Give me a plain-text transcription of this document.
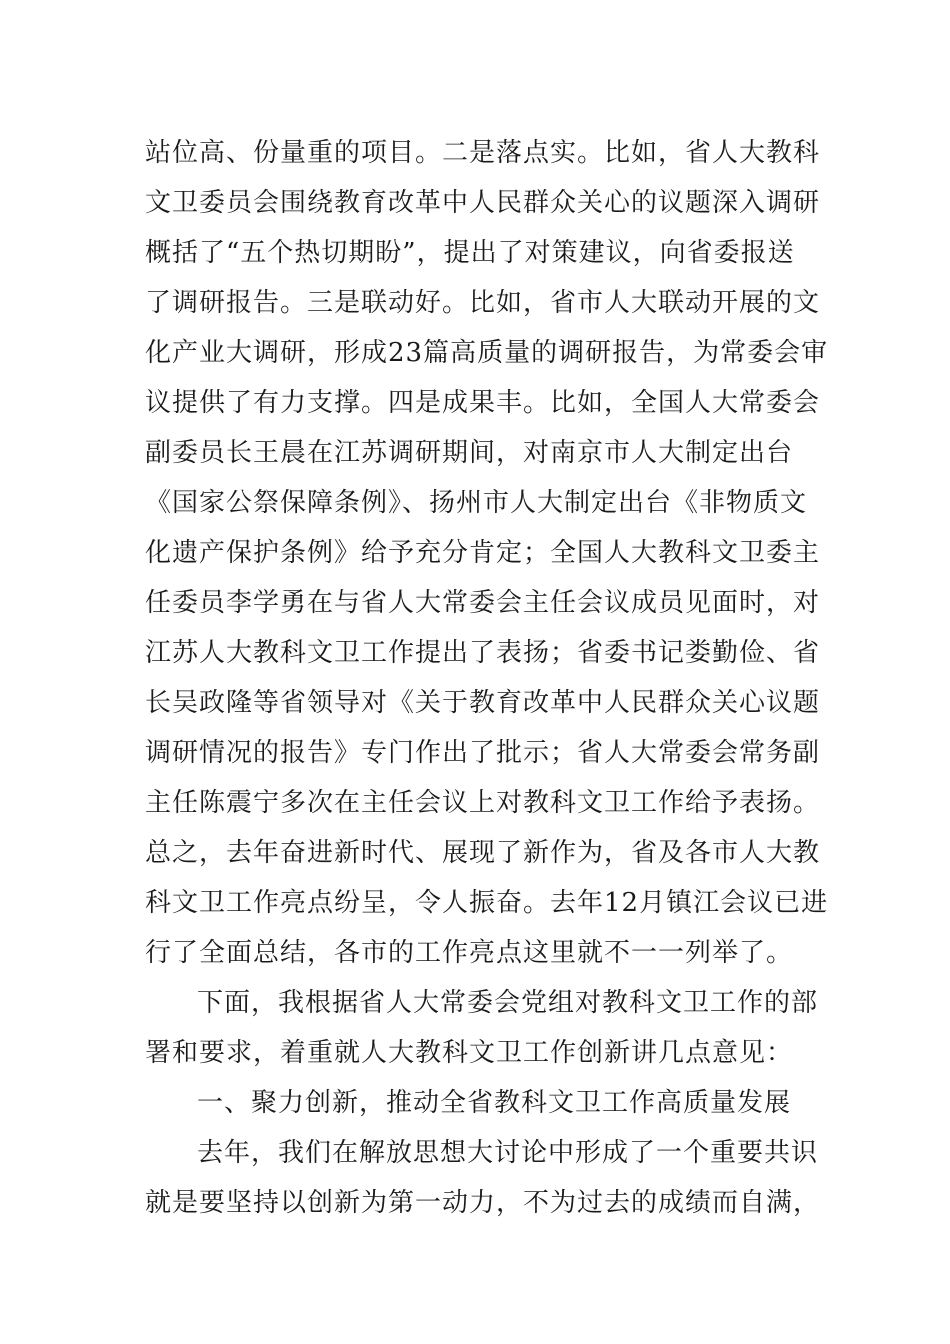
站位高、份量重的项目。二是落点实。比如，省人大教科
文卫委员会围绕教育改革中人民群众关心的议题深入调研
概括了“五个热切期盼”，提出了对策建议，向省委报送
了调研报告。三是联动好。比如，省市人大联动开展的文
化产业大调研，形成23篇高质量的调研报告，为常委会审
议提供了有力支撑。四是成果丰。比如，全国人大常委会
副委员长王晨在江苏调研期间，对南京市人大制定出台
《国家公祭保障条例》、扬州市人大制定出台《非物质文
化遗产保护条例》给予充分肯定；全国人大教科文卫委主
任委员李学勇在与省人大常委会主任会议成员见面时，对
江苏人大教科文卫工作提出了表扬；省委书记娄勤俭、省
长吴政隆等省领导对《关于教育改革中人民群众关心议题
调研情况的报告》专门作出了批示；省人大常委会常务副
主任陈震宁多次在主任会议上对教科文卫工作给予表扬。
总之，去年奋进新时代、展现了新作为，省及各市人大教
科文卫工作亮点纷呈，令人振奋。去年12月镇江会议已进
行了全面总结，各市的工作亮点这里就不一一列举了。
下面，我根据省人大常委会党组对教科文卫工作的部
署和要求，着重就人大教科文卫工作创新讲几点意见：
一、聚力创新，推动全省教科文卫工作高质量发展
去年，我们在解放思想大讨论中形成了一个重要共识
就是要坚持以创新为第一动力，不为过去的成绩而自满，
